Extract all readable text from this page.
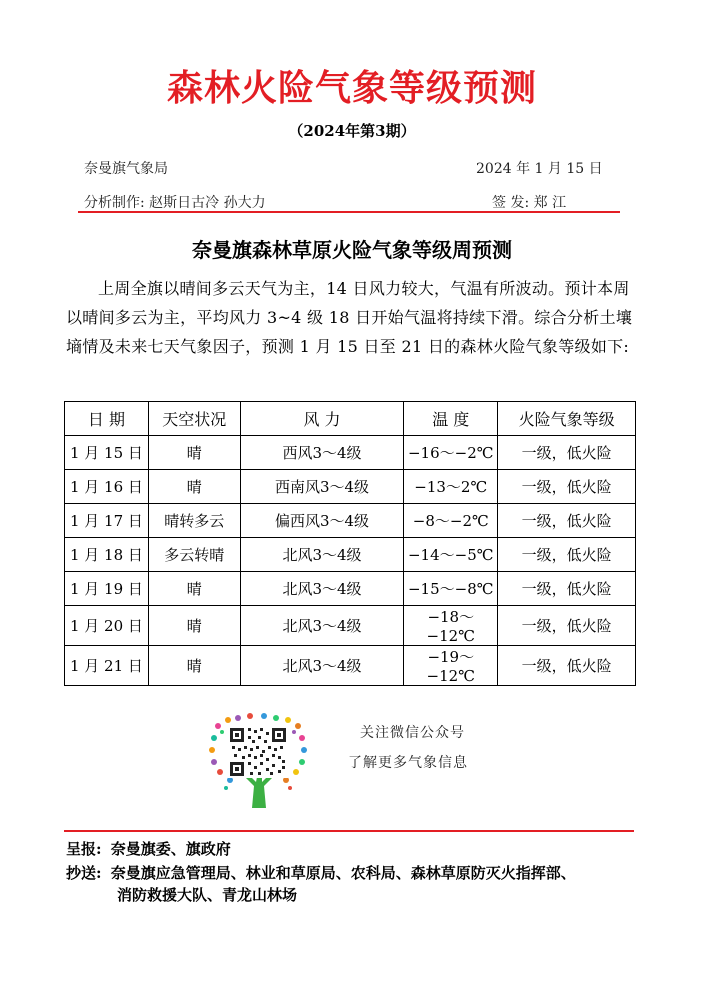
森林火险气象等级预测
（2024年第3期）
奈曼旗气象局	2024 年 1 月 15 日
分析制作: 赵斯日古冷 孙大力	签 发: 郑 江
奈曼旗森林草原火险气象等级周预测
上周全旗以晴间多云天气为主，14 日风力较大，气温有所波动。预计本周以晴间多云为主，平均风力 3~4 级 18 日开始气温将持续下滑。综合分析土壤墒情及未来七天气象因子，预测 1 月 15 日至 21 日的森林火险气象等级如下:
日 期	天空状况	风 力	温 度	火险气象等级
1 月 15 日	晴	西风3～4级	−16～−2℃	一级，低火险
1 月 16 日	晴	西南风3～4级	−13～2℃	一级，低火险
1 月 17 日	晴转多云	偏西风3～4级	−8～−2℃	一级，低火险
1 月 18 日	多云转晴	北风3～4级	−14～−5℃	一级，低火险
1 月 19 日	晴	北风3～4级	−15～−8℃	一级，低火险
1 月 20 日	晴	北风3～4级	−18～−12℃	一级，低火险
1 月 21 日	晴	北风3～4级	−19～−12℃	一级，低火险
关注微信公众号
了解更多气象信息
呈报: 奈曼旗委、旗政府
抄送: 奈曼旗应急管理局、林业和草原局、农科局、森林草原防灭火指挥部、
消防救援大队、青龙山林场
